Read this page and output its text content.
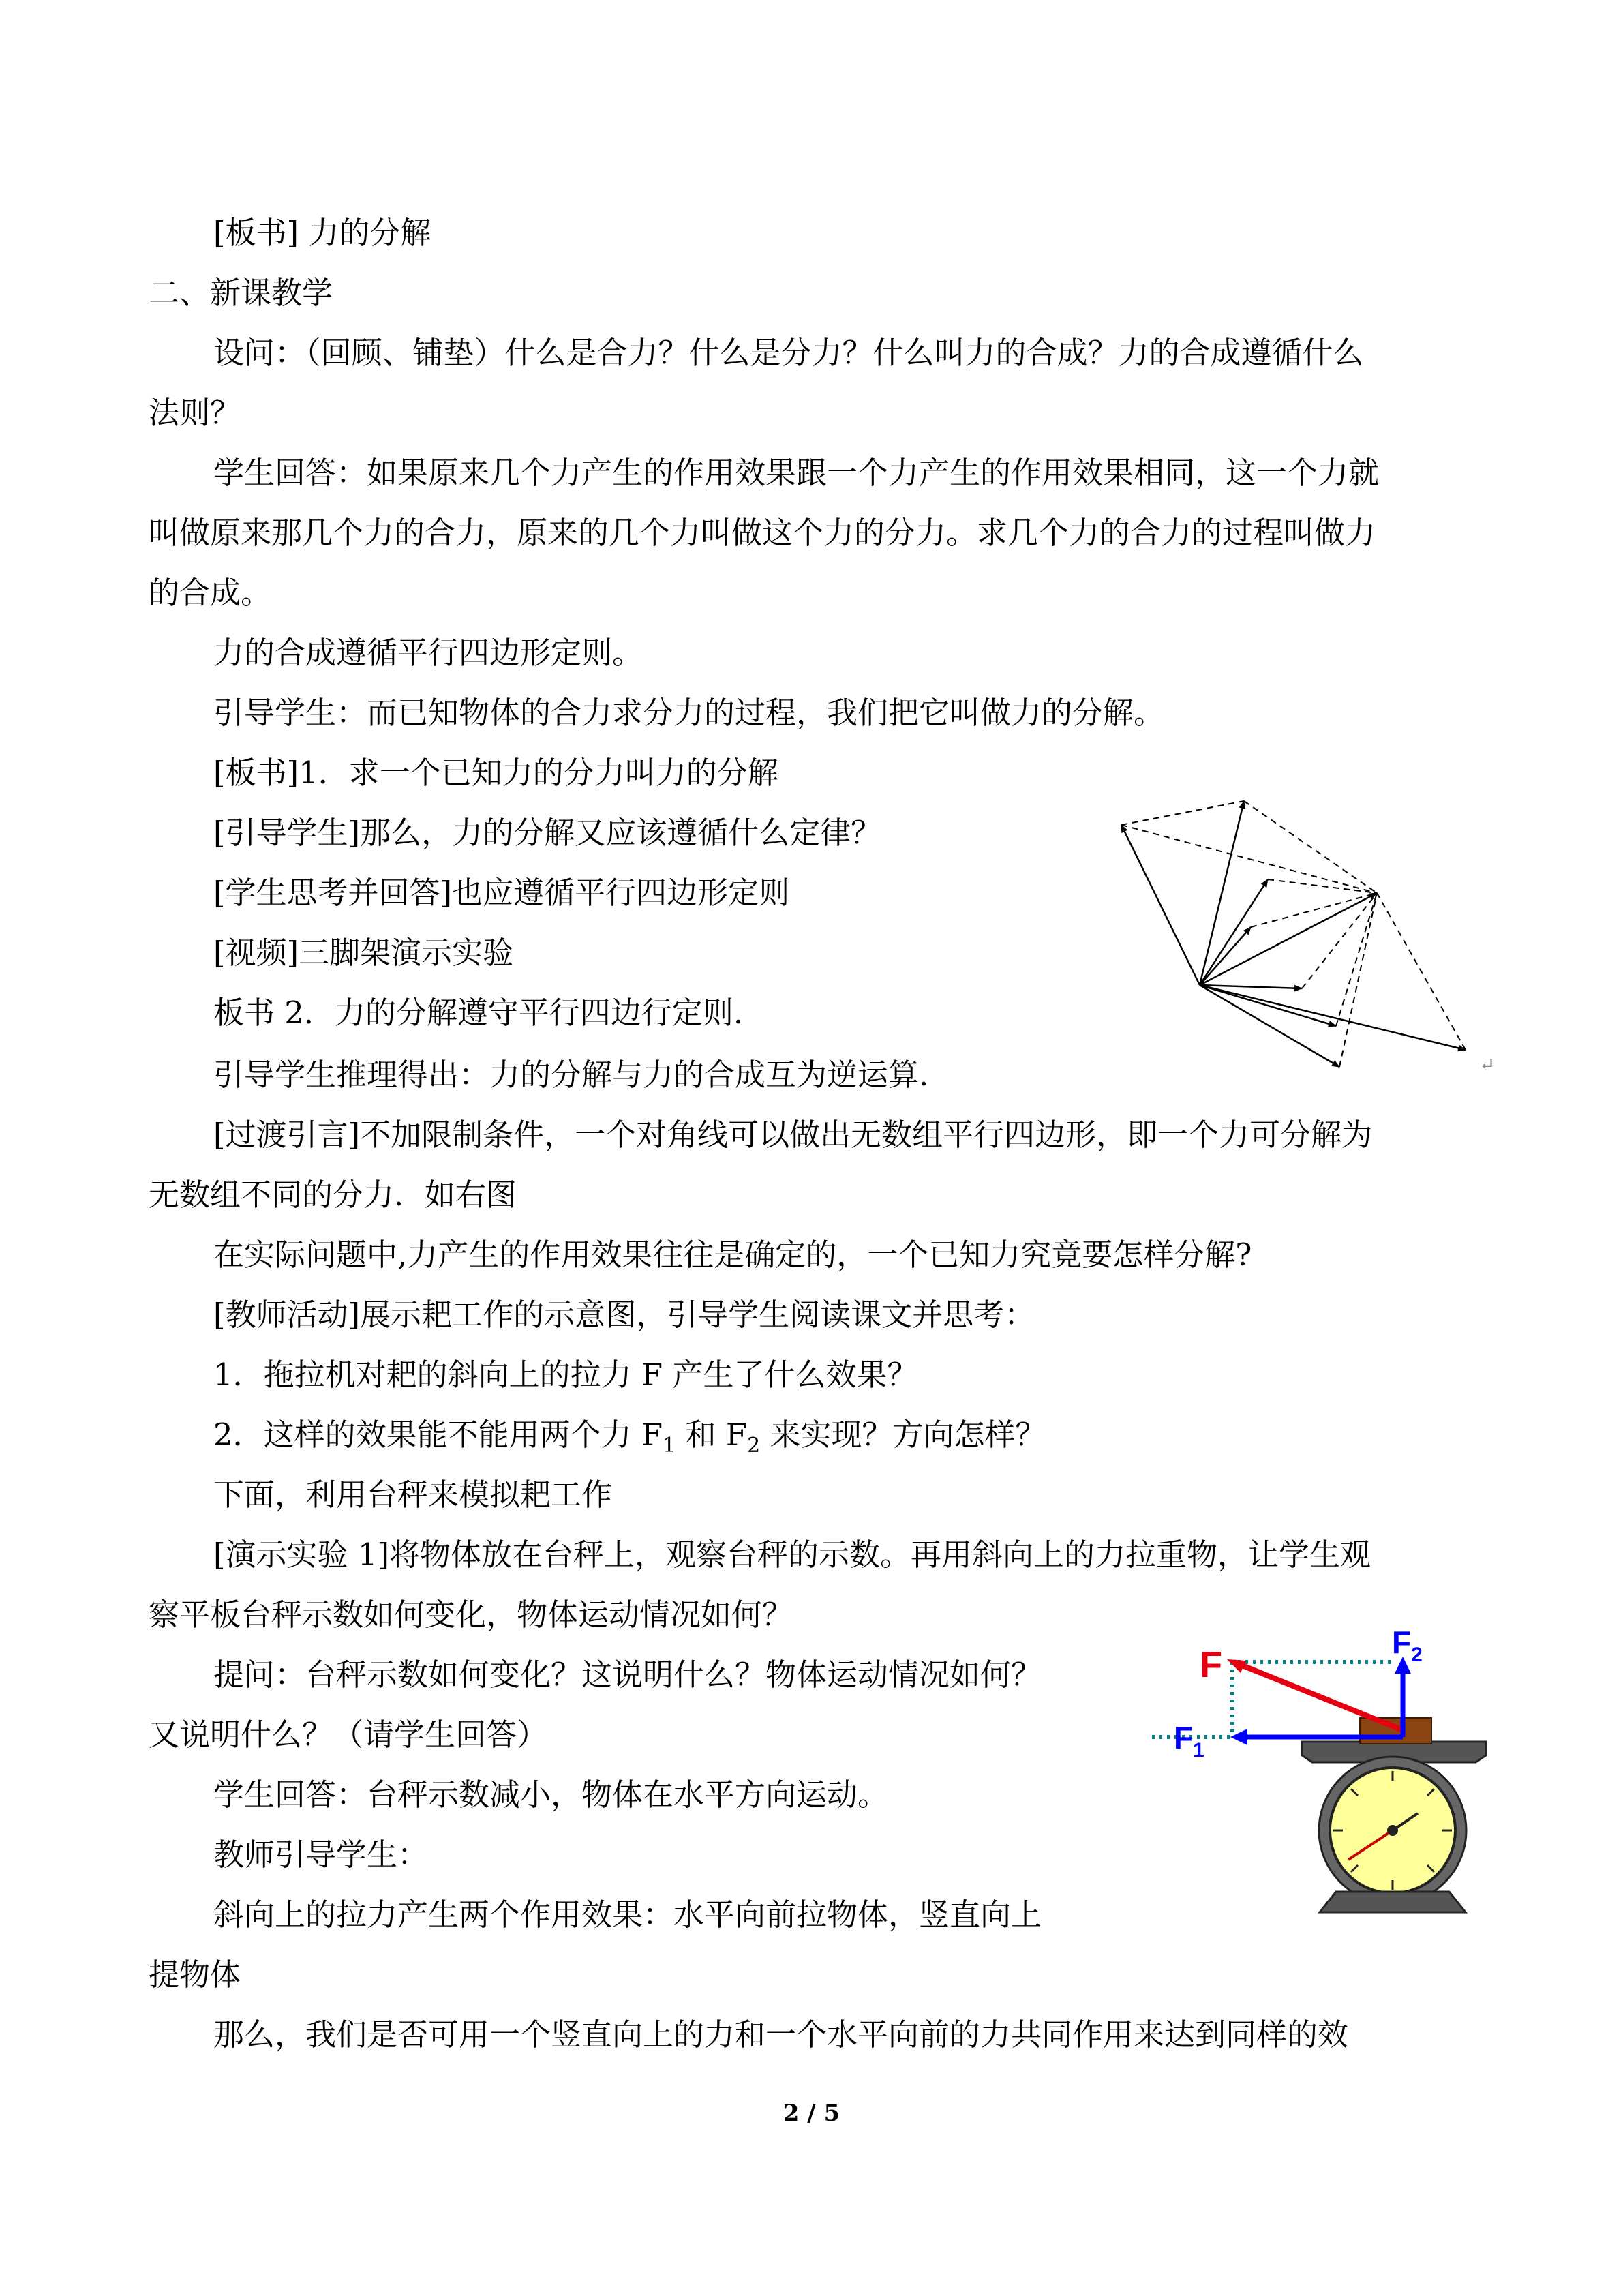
[板书] 力的分解
二、新课教学
设问：（回顾、铺垫）什么是合力？什么是分力？什么叫力的合成？力的合成遵循什么
法则？
学生回答：如果原来几个力产生的作用效果跟一个力产生的作用效果相同，这一个力就
叫做原来那几个力的合力，原来的几个力叫做这个力的分力。求几个力的合力的过程叫做力
的合成。
力的合成遵循平行四边形定则。
引导学生：而已知物体的合力求分力的过程，我们把它叫做力的分解。
[板书]1．求一个已知力的分力叫力的分解
[引导学生]那么，力的分解又应该遵循什么定律？
[学生思考并回答]也应遵循平行四边形定则
[视频]三脚架演示实验
板书 2．力的分解遵守平行四边行定则.
引导学生推理得出：力的分解与力的合成互为逆运算.
[过渡引言]不加限制条件，一个对角线可以做出无数组平行四边形，即一个力可分解为
无数组不同的分力．如右图
在实际问题中,力产生的作用效果往往是确定的，一个已知力究竟要怎样分解?
[教师活动]展示耙工作的示意图，引导学生阅读课文并思考：
1．拖拉机对耙的斜向上的拉力 F 产生了什么效果？
2．这样的效果能不能用两个力 $F_1$ 和 $F_2$ 来实现？方向怎样？
下面，利用台秤来模拟耙工作
[演示实验 1]将物体放在台秤上，观察台秤的示数。再用斜向上的力拉重物，让学生观
察平板台秤示数如何变化，物体运动情况如何？
提问：台秤示数如何变化？这说明什么？物体运动情况如何？
又说明什么？（请学生回答）
学生回答：台秤示数减小，物体在水平方向运动。
教师引导学生：
斜向上的拉力产生两个作用效果：水平向前拉物体，竖直向上
提物体
那么，我们是否可用一个竖直向上的力和一个水平向前的力共同作用来达到同样的效
↵
F
$F_1$
$F_2$
2 / 5
